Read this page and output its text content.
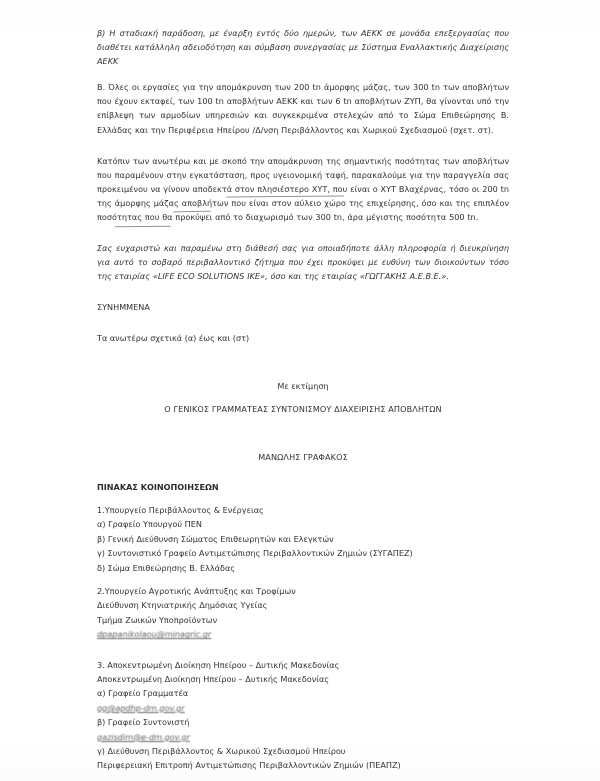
β) Η σταδιακή παράδοση, με έναρξη εντός δύο ημερών, των ΑΕΚΚ σε μονάδα επεξεργασίας που διαθέτει κατάλληλη αδειοδότηση και σύμβαση συνεργασίας με Σύστημα Εναλλακτικής Διαχείρισης ΑΕΚΚ

Β. Όλες οι εργασίες για την απομάκρυνση των 200 tn άμορφης μάζας, των 300 tn των αποβλήτων που έχουν εκταφεί, των 100 tn αποβλήτων ΑΕΚΚ και των 6 tn αποβλήτων ΖΥΠ, θα γίνονται υπό την επίβλεψη των αρμοδίων υπηρεσιών και συγκεκριμένα στελεχών από το Σώμα Επιθεώρησης Β. Ελλάδας και την Περιφέρεια Ηπείρου /Δ/νση Περιβάλλοντος και Χωρικού Σχεδιασμού (σχετ. στ).

Κατόπιν των ανωτέρω και με σκοπό την απομάκρυνση της σημαντικής ποσότητας των αποβλήτων που παραμένουν στην εγκατάσταση, προς υγειονομική ταφή, παρακαλούμε για την παραγγελία σας προκειμένου να γίνουν αποδεκτά στον πλησιέστερο ΧΥΤ, που είναι ο ΧΥΤ Βλαχέρνας, τόσο οι 200 tn της άμορφης μάζας αποβλήτων που είναι στον αύλειο χώρο της επιχείρησης, όσο και της επιπλέον ποσότητας που θα προκύψει από το διαχωρισμό των 300 tn, άρα μέγιστης ποσότητα 500 tn.

Σας ευχαριστώ και παραμένω στη διάθεσή σας για οποιαδήποτε άλλη πληροφορία ή διευκρίνηση για αυτό το σοβαρό περιβαλλοντικό ζήτημα που έχει προκύψει με ευθύνη των διοικούντων τόσο της εταιρίας «LIFE ECO SOLUTIONS IKE», όσο και της εταιρίας «ΓΩΓΓΑΚΗΣ Α.Ε.Β.Ε.».

ΣΥΝΗΜΜΕΝΑ

Τα ανωτέρω σχετικά (α) έως και (στ)

Με εκτίμηση

Ο ΓΕΝΙΚΟΣ ΓΡΑΜΜΑΤΕΑΣ ΣΥΝΤΟΝΙΣΜΟΥ ΔΙΑΧΕΙΡΙΣΗΣ ΑΠΟΒΛΗΤΩΝ

ΜΑΝΩΛΗΣ ΓΡΑΦΑΚΟΣ

ΠΙΝΑΚΑΣ ΚΟΙΝΟΠΟΙΗΣΕΩΝ

1.Υπουργείο Περιβάλλοντος & Ενέργειας

α) Γραφείο Υπουργού ΠΕΝ

β) Γενική Διεύθυνση Σώματος Επιθεωρητών και Ελεγκτών

γ) Συντονιστικό Γραφείο Αντιμετώπισης Περιβαλλοντικών Ζημιών (ΣΥΓΑΠΕΖ)

δ) Σώμα Επιθεώρησης Β. Ελλάδας

2.Υπουργείο Αγροτικής Ανάπτυξης και Τροφίμων

Διεύθυνση Κτηνιατρικής Δημόσιας Υγείας

Τμήμα Ζωικών Υποπροϊόντων

dpapanikolaou@minagric.gr

3. Αποκεντρωμένη Διοίκηση Ηπείρου – Δυτικής Μακεδονίας

Αποκεντρωμένη Διοίκηση Ηπείρου – Δυτικής Μακεδονίας

α) Γραφείο Γραμματέα

gg@apdhp-dm.gov.gr

β) Γραφείο Συντονιστή

gazisdim@e-dm.gov.gr

γ) Διεύθυνση Περιβάλλοντος & Χωρικού Σχεδιασμού Ηπείρου

Περιφερειακή Επιτροπή Αντιμετώπισης Περιβαλλοντικών Ζημιών (ΠΕΑΠΖ)
